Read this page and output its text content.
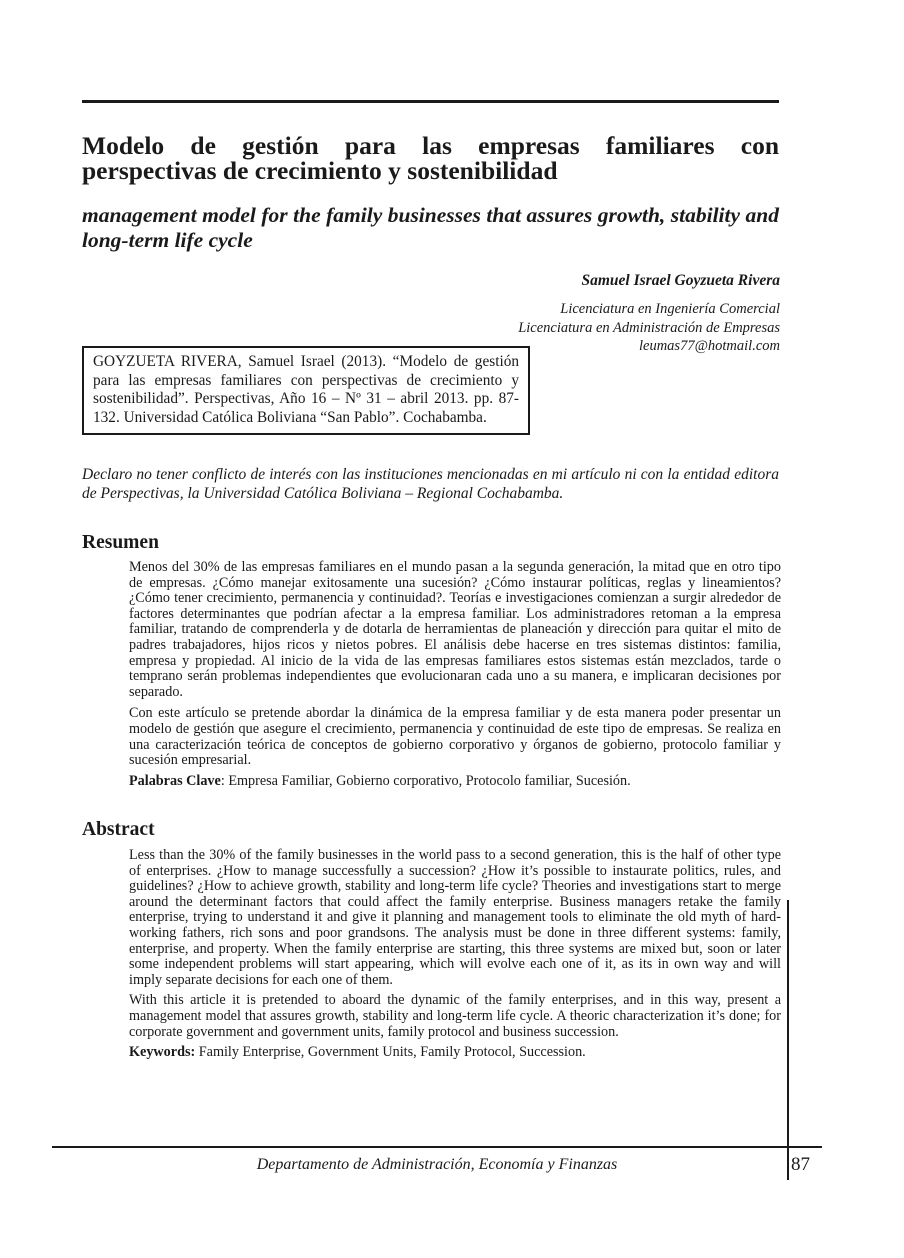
Modelo de gestión para las empresas familiares con perspectivas de crecimiento y sostenibilidad
management model for the family businesses that assures growth, stability and long-term life cycle
Samuel Israel Goyzueta Rivera
Licenciatura en Ingeniería Comercial
Licenciatura en Administración de Empresas
leumas77@hotmail.com
GOYZUETA RIVERA, Samuel Israel (2013). “Modelo de gestión para las empresas familiares con perspectivas de crecimiento y sostenibilidad”. Perspectivas, Año 16 – Nº 31 – abril 2013. pp. 87-132. Universidad Católica Boliviana “San Pablo”. Cochabamba.

Declaro no tener conflicto de interés con las instituciones mencionadas en mi artículo ni con la entidad editora de Perspectivas, la Universidad Católica Boliviana – Regional Cochabamba.

Resumen

Menos del 30% de las empresas familiares en el mundo pasan a la segunda generación, la mitad que en otro tipo de empresas. ¿Cómo manejar exitosamente una sucesión? ¿Cómo instaurar políticas, reglas y lineamientos? ¿Cómo tener crecimiento, permanencia y continuidad?. Teorías e investigaciones comienzan a surgir alrededor de factores determinantes que podrían afectar a la empresa familiar. Los administradores retoman a la empresa familiar, tratando de comprenderla y de dotarla de herramientas de planeación y dirección para quitar el mito de padres trabajadores, hijos ricos y nietos pobres. El análisis debe hacerse en tres sistemas distintos: familia, empresa y propiedad. Al inicio de la vida de las empresas familiares estos sistemas están mezclados, tarde o temprano serán problemas independientes que evolucionaran cada uno a su manera, e implicaran decisiones por separado.

Con este artículo se pretende abordar la dinámica de la empresa familiar y de esta manera poder presentar un modelo de gestión que asegure el crecimiento, permanencia y continuidad de este tipo de empresas. Se realiza en una caracterización teórica de conceptos de gobierno corporativo y órganos de gobierno, protocolo familiar y sucesión empresarial.

Palabras Clave: Empresa Familiar, Gobierno corporativo, Protocolo familiar, Sucesión.

Abstract

Less than the 30% of the family businesses in the world pass to a second generation, this is the half of other type of enterprises. ¿How to manage successfully a succession? ¿How it’s possible to instaurate politics, rules, and guidelines? ¿How to achieve growth, stability and long-term life cycle? Theories and investigations start to merge around the determinant factors that could affect the family enterprise. Business managers retake the family enterprise, trying to understand it and give it planning and management tools to eliminate the old myth of hard-working fathers, rich sons and poor grandsons. The analysis must be done in three different systems: family, enterprise, and property. When the family enterprise are starting, this three systems are mixed but, soon or later some independent problems will start appearing, which will evolve each one of it, as its in own way and will imply separate decisions for each one of them.

With this article it is pretended to aboard the dynamic of the family enterprises, and in this way, present a management model that assures growth, stability and long-term life cycle. A theoric characterization it’s done; for corporate government and government units, family protocol and business succession.

Keywords: Family Enterprise, Government Units, Family Protocol, Succession.

Departamento de Administración, Economía y Finanzas	87
